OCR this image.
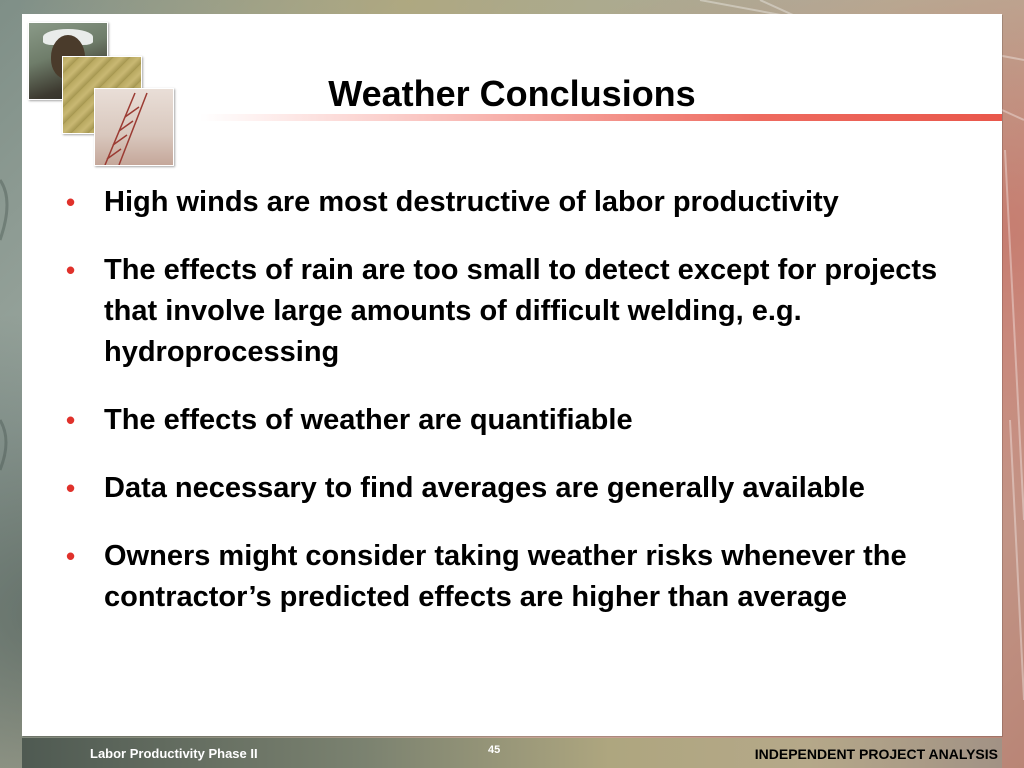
Weather Conclusions
• High winds are most destructive of labor productivity
• The effects of rain are too small to detect except for projects that involve large amounts of difficult welding, e.g. hydroprocessing
• The effects of weather are quantifiable
• Data necessary to find averages are generally available
• Owners might consider taking weather risks whenever the contractor’s predicted effects are higher than average
Labor Productivity Phase II	45	INDEPENDENT PROJECT ANALYSIS
